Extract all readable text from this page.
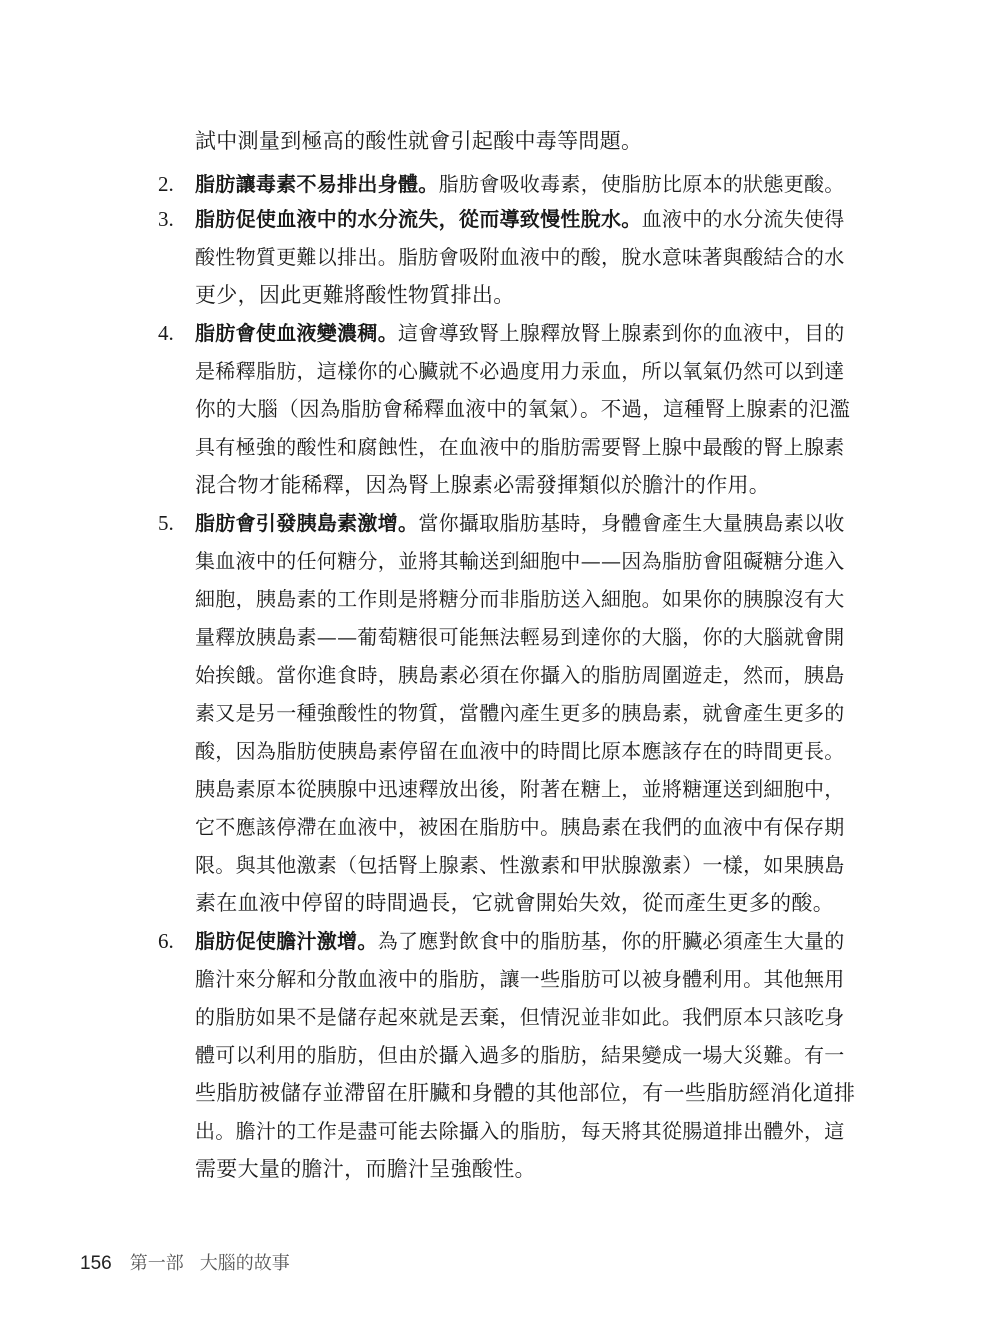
試中測量到極高的酸性就會引起酸中毒等問題。
2. 脂肪讓毒素不易排出身體。脂肪會吸收毒素，使脂肪比原本的狀態更酸。
3. 脂肪促使血液中的水分流失，從而導致慢性脫水。血液中的水分流失使得
酸性物質更難以排出。脂肪會吸附血液中的酸，脫水意味著與酸結合的水
更少，因此更難將酸性物質排出。
4. 脂肪會使血液變濃稠。這會導致腎上腺釋放腎上腺素到你的血液中，目的
是稀釋脂肪，這樣你的心臟就不必過度用力汞血，所以氧氣仍然可以到達
你的大腦（因為脂肪會稀釋血液中的氧氣）。不過，這種腎上腺素的氾濫
具有極強的酸性和腐蝕性，在血液中的脂肪需要腎上腺中最酸的腎上腺素
混合物才能稀釋，因為腎上腺素必需發揮類似於膽汁的作用。
5. 脂肪會引發胰島素激增。當你攝取脂肪基時，身體會產生大量胰島素以收
集血液中的任何糖分，並將其輸送到細胞中——因為脂肪會阻礙糖分進入
細胞，胰島素的工作則是將糖分而非脂肪送入細胞。如果你的胰腺沒有大
量釋放胰島素——葡萄糖很可能無法輕易到達你的大腦，你的大腦就會開
始挨餓。當你進食時，胰島素必須在你攝入的脂肪周圍遊走，然而，胰島
素又是另一種強酸性的物質，當體內產生更多的胰島素，就會產生更多的
酸，因為脂肪使胰島素停留在血液中的時間比原本應該存在的時間更長。
胰島素原本從胰腺中迅速釋放出後，附著在糖上，並將糖運送到細胞中，
它不應該停滯在血液中，被困在脂肪中。胰島素在我們的血液中有保存期
限。與其他激素（包括腎上腺素、性激素和甲狀腺激素）一樣，如果胰島
素在血液中停留的時間過長，它就會開始失效，從而產生更多的酸。
6. 脂肪促使膽汁激增。為了應對飲食中的脂肪基，你的肝臟必須產生大量的
膽汁來分解和分散血液中的脂肪，讓一些脂肪可以被身體利用。其他無用
的脂肪如果不是儲存起來就是丟棄，但情況並非如此。我們原本只該吃身
體可以利用的脂肪，但由於攝入過多的脂肪，結果變成一場大災難。有一
些脂肪被儲存並滯留在肝臟和身體的其他部位，有一些脂肪經消化道排
出。膽汁的工作是盡可能去除攝入的脂肪，每天將其從腸道排出體外，這
需要大量的膽汁，而膽汁呈強酸性。
156 第一部 大腦的故事
